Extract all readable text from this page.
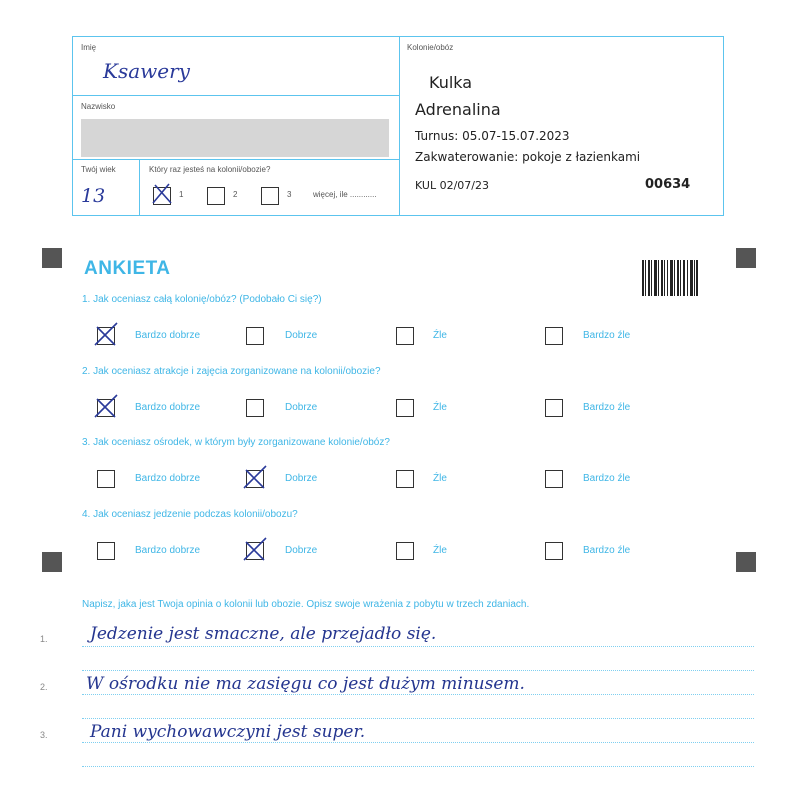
Imię
Ksawery
Nazwisko
Twój wiek
13
Który raz jesteś na kolonii/obozie?
1	2	3	więcej, ile ............
Kolonie/obóz
Kulka
Adrenalina
Turnus: 05.07-15.07.2023
Zakwaterowanie: pokoje z łazienkami
KUL 02/07/23	00634
ANKIETA
1. Jak oceniasz całą kolonię/obóz? (Podobało Ci się?)
Bardzo dobrze	Dobrze	Źle	Bardzo źle
2. Jak oceniasz atrakcje i zajęcia zorganizowane na kolonii/obozie?
Bardzo dobrze	Dobrze	Źle	Bardzo źle
3. Jak oceniasz ośrodek, w którym były zorganizowane kolonie/obóz?
Bardzo dobrze	Dobrze	Źle	Bardzo źle
4. Jak oceniasz jedzenie podczas kolonii/obozu?
Bardzo dobrze	Dobrze	Źle	Bardzo źle
Napisz, jaka jest Twoja opinia o kolonii lub obozie. Opisz swoje wrażenia z pobytu w trzech zdaniach.
1.
2.
3.
Jedzenie jest smaczne, ale przejadło się.
W ośrodku nie ma zasięgu co jest dużym minusem.
Pani wychowawczyni jest super.
